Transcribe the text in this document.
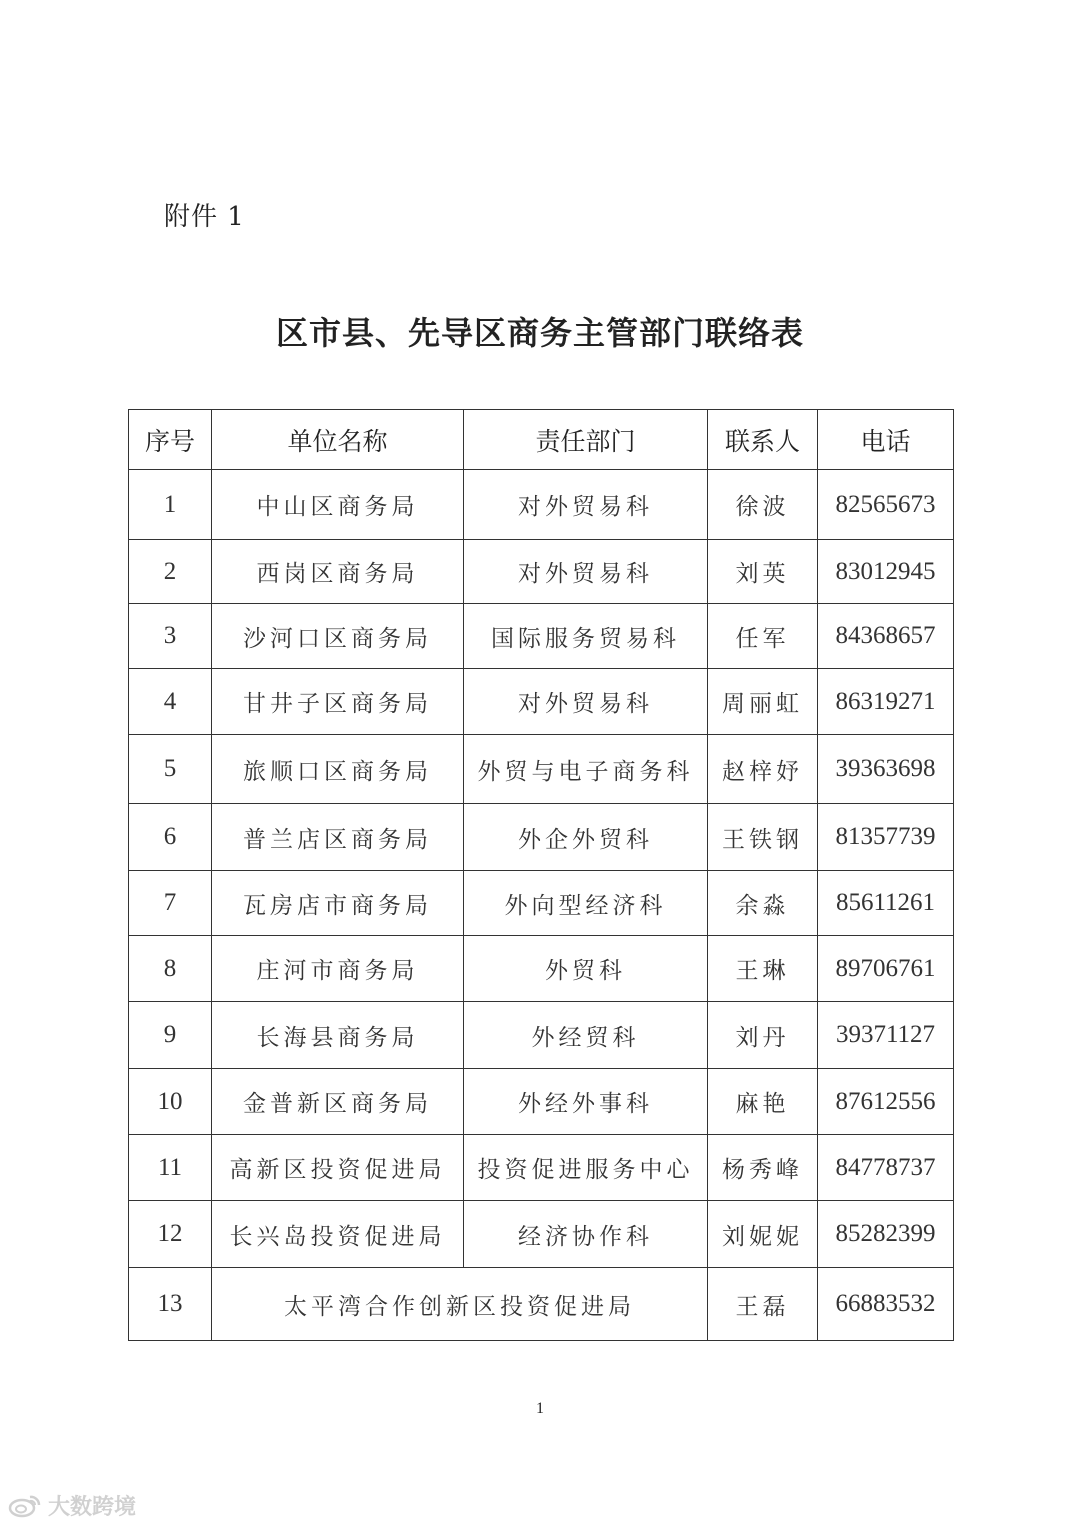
附件 1
区市县、先导区商务主管部门联络表
序号	单位名称	责任部门	联系人	电话
1	中山区商务局	对外贸易科	徐波	82565673
2	西岗区商务局	对外贸易科	刘英	83012945
3	沙河口区商务局	国际服务贸易科	任军	84368657
4	甘井子区商务局	对外贸易科	周丽虹	86319271
5	旅顺口区商务局	外贸与电子商务科	赵梓妤	39363698
6	普兰店区商务局	外企外贸科	王铁钢	81357739
7	瓦房店市商务局	外向型经济科	余淼	85611261
8	庄河市商务局	外贸科	王琳	89706761
9	长海县商务局	外经贸科	刘丹	39371127
10	金普新区商务局	外经外事科	麻艳	87612556
11	高新区投资促进局	投资促进服务中心	杨秀峰	84778737
12	长兴岛投资促进局	经济协作科	刘妮妮	85282399
13	太平湾合作创新区投资促进局		王磊	66883532
1
大数跨境
